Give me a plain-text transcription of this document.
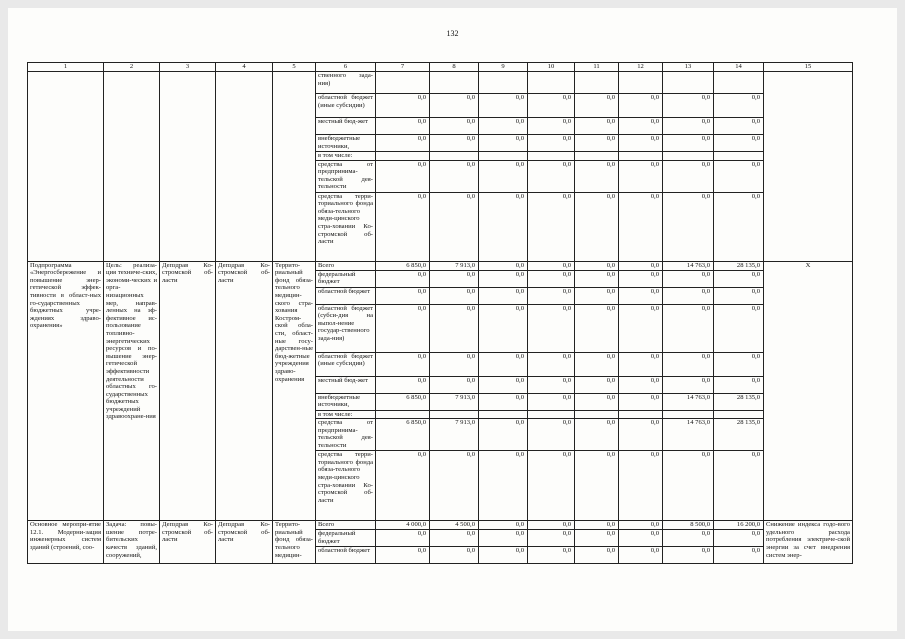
132
1	2	3	4	5	6	7	8	9	10	11	12	13	14	15
					ственного зада-ния)									
					областной бюджет (иные субсидии)	0,0	0,0	0,0	0,0	0,0	0,0	0,0	0,0	
					местный бюд-жет	0,0	0,0	0,0	0,0	0,0	0,0	0,0	0,0	
					внебюджетные источники,	0,0	0,0	0,0	0,0	0,0	0,0	0,0	0,0	
					в том числе:									
					средства от предпринима-тельской дея-тельности	0,0	0,0	0,0	0,0	0,0	0,0	0,0	0,0	
					средства терри-ториального фонда обяза-тельного меди-цинского стра-ховании Ко-стромской об-ласти	0,0	0,0	0,0	0,0	0,0	0,0	0,0	0,0	
Подпрограмма «Энергосбережение и повышение энер-гетической эффек-тивности в област-ных го-сударственных бюджетных учре-ждениях здраво-охранения»	Цель: реализа-ция техниче-ских, экономи-ческих и орга-низационных мер, направ-ленных на эф-фективное ис-пользование топливно-энергетических ресурсов и по-вышение энер-гетической эффективности деятельности областных го-сударственных бюджетных учреждений здравоохране-ния	Депздрав Ко-стромской об-ласти	Депздрав Ко-стромской об-ласти	Террито-риальный фонд обяза-тельного медицин-ского стра-хования Костром-ской обла-сти, област-ные госу-дарствен-ные бюд-жетные учреждения здраво-охранения	Всего	6 850,0	7 913,0	0,0	0,0	0,0	0,0	14 763,0	28 135,0	Х
					федеральный бюджет	0,0	0,0	0,0	0,0	0,0	0,0	0,0	0,0	
					областной бюджет	0,0	0,0	0,0	0,0	0,0	0,0	0,0	0,0	
					областной бюджет (субси-дия на выпол-нение государ-ственного зада-ния)	0,0	0,0	0,0	0,0	0,0	0,0	0,0	0,0	
					областной бюджет (иные субсидии)	0,0	0,0	0,0	0,0	0,0	0,0	0,0	0,0	
					местный бюд-жет	0,0	0,0	0,0	0,0	0,0	0,0	0,0	0,0	
					внебюджетные источники,	6 850,0	7 913,0	0,0	0,0	0,0	0,0	14 763,0	28 135,0	
					в том числе:									
					средства от предпринима-тельской дея-тельности	6 850,0	7 913,0	0,0	0,0	0,0	0,0	14 763,0	28 135,0	
					средства терри-ториального фонда обяза-тельного меди-цинского стра-ховании Ко-стромской об-ласти	0,0	0,0	0,0	0,0	0,0	0,0	0,0	0,0	
Основное меропри-ятие 12.1. Модерни-зация инженерных систем зданий (строений, соо-	Задача: повы-шение потре-бительских качеств зданий, сооружений,	Депздрав Ко-стромской об-ласти	Депздрав Ко-стромской об-ласти	Террито-риальный фонд обяза-тельного медицин-	Всего	4 000,0	4 500,0	0,0	0,0	0,0	0,0	8 500,0	16 200,0	Снижение индекса годо-вого удельного расхода потребления электриче-ской энергии за счет внедрения систем энер-
					федеральный бюджет	0,0	0,0	0,0	0,0	0,0	0,0	0,0	0,0	
					областной бюджет	0,0	0,0	0,0	0,0	0,0	0,0	0,0	0,0	
